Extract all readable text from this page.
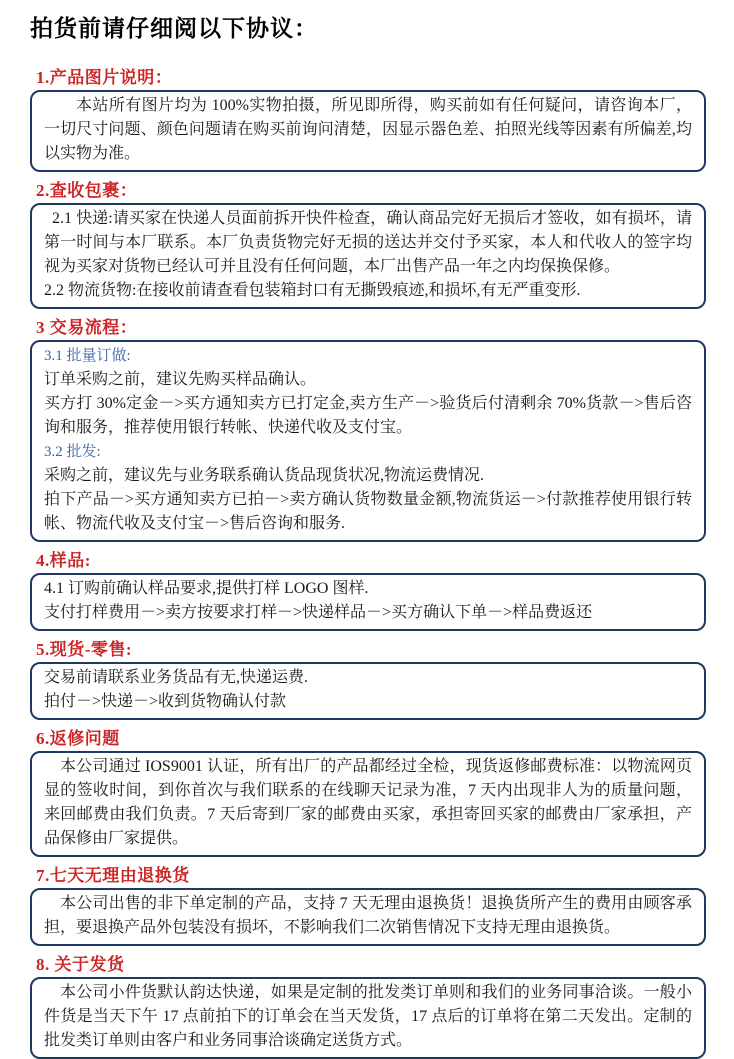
拍货前请仔细阅以下协议：
1.产品图片说明：

本站所有图片均为 100%实物拍摄，所见即所得，购买前如有任何疑问，请咨询本厂，一切尺寸问题、颜色问题请在购买前询问清楚，因显示器色差、拍照光线等因素有所偏差,均以实物为准。

2.查收包裹：

2.1 快递:请买家在快递人员面前拆开快件检查，确认商品完好无损后才签收，如有损坏，请第一时间与本厂联系。本厂负责货物完好无损的送达并交付予买家，本人和代收人的签字均视为买家对货物已经认可并且没有任何问题，本厂出售产品一年之内均保换保修。

2.2 物流货物:在接收前请查看包装箱封口有无撕毁痕迹,和损坏,有无严重变形.

3 交易流程：

3.1 批量订做:

订单采购之前，建议先购买样品确认。

买方打 30%定金－>买方通知卖方已打定金,卖方生产－>验货后付清剩余 70%货款－>售后咨询和服务，推荐使用银行转帐、快递代收及支付宝。

3.2 批发:

采购之前，建议先与业务联系确认货品现货状况,物流运费情况.

拍下产品－>买方通知卖方已拍－>卖方确认货物数量金额,物流货运－>付款推荐使用银行转帐、物流代收及支付宝－>售后咨询和服务.

4.样品:

4.1 订购前确认样品要求,提供打样 LOGO 图样.

支付打样费用－>卖方按要求打样－>快递样品－>买方确认下单－>样品费返还

5.现货-零售:

交易前请联系业务货品有无,快递运费.

拍付－>快递－>收到货物确认付款

6.返修问题

本公司通过 IOS9001 认证，所有出厂的产品都经过全检，现货返修邮费标准：以物流网页显的签收时间，到你首次与我们联系的在线聊天记录为准，7 天内出现非人为的质量问题，来回邮费由我们负责。7 天后寄到厂家的邮费由买家，承担寄回买家的邮费由厂家承担，产品保修由厂家提供。

7.七天无理由退换货

本公司出售的非下单定制的产品，支持 7 天无理由退换货！退换货所产生的费用由顾客承担，要退换产品外包装没有损坏，不影响我们二次销售情况下支持无理由退换货。

8. 关于发货

本公司小件货默认韵达快递，如果是定制的批发类订单则和我们的业务同事洽谈。一般小件货是当天下午 17 点前拍下的订单会在当天发货，17 点后的订单将在第二天发出。定制的批发类订单则由客户和业务同事洽谈确定送货方式。
